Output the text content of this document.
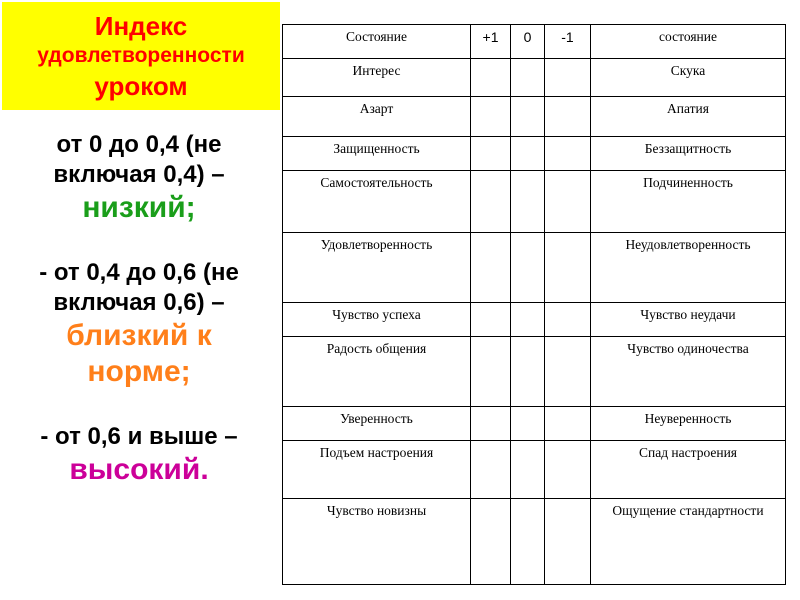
Индекс
удовлетворенности
уроком
от 0 до 0,4 (не
включая 0,4) –
низкий;
- от 0,4 до 0,6 (не
включая 0,6) –
близкий к
норме;
- от 0,6 и выше –
высокий.
Состояние	+1	0	-1	состояние
Интерес				Скука
Азарт				Апатия
Защищенность				Беззащитность
Самостоятельность				Подчиненность
Удовлетворенность				Неудовлетворенность
Чувство успеха				Чувство неудачи
Радость общения				Чувство одиночества
Уверенность				Неуверенность
Подъем настроения				Спад настроения
Чувство новизны				Ощущение стандартности
